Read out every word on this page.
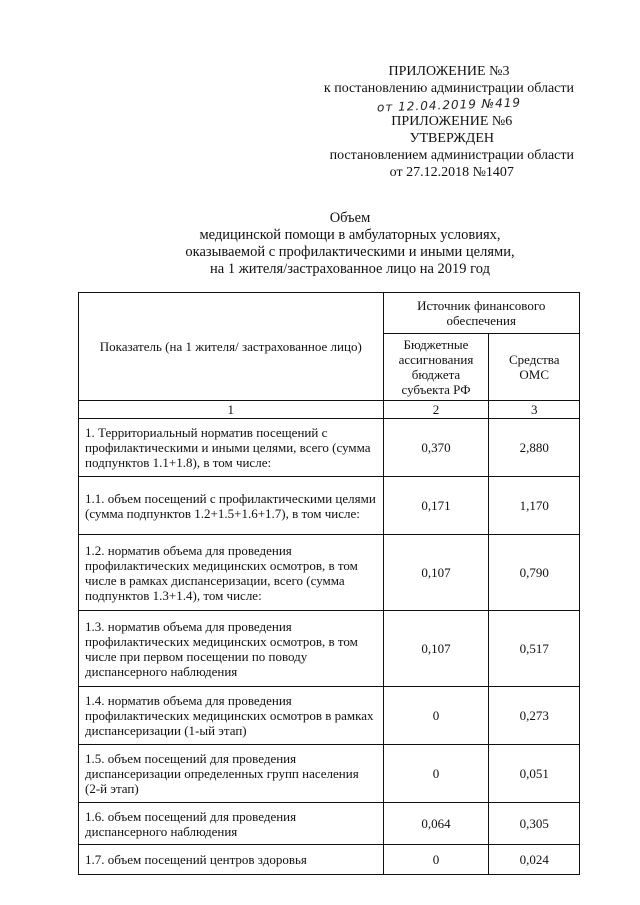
ПРИЛОЖЕНИЕ №3
к постановлению администрации области
от 12.04.2019 №419
ПРИЛОЖЕНИЕ №6
УТВЕРЖДЕН
постановлением администрации области
от 27.12.2018 №1407
Объем
медицинской помощи в амбулаторных условиях,
оказываемой с профилактическими и иными целями,
на 1 жителя/застрахованное лицо на 2019 год
Показатель (на 1 жителя/ застрахованное лицо)	Источник финансового обеспечения	
	Бюджетные ассигнования бюджета субъекта РФ	Средства ОМС
1	2	3
1. Территориальный норматив посещений с профилактическими и иными целями, всего (сумма подпунктов 1.1+1.8), в том числе:	0,370	2,880
1.1. объем посещений с профилактическими целями (сумма подпунктов 1.2+1.5+1.6+1.7), в том числе:	0,171	1,170
1.2. норматив объема для проведения профилактических медицинских осмотров, в том числе в рамках диспансеризации, всего (сумма подпунктов 1.3+1.4), том числе:	0,107	0,790
1.3. норматив объема для проведения профилактических медицинских осмотров, в том числе при первом посещении по поводу диспансерного наблюдения	0,107	0,517
1.4. норматив объема для проведения профилактических медицинских осмотров в рамках диспансеризации (1-ый этап)	0	0,273
1.5. объем посещений для проведения диспансеризации определенных групп населения (2-й этап)	0	0,051
1.6. объем посещений для проведения диспансерного наблюдения	0,064	0,305
1.7. объем посещений центров здоровья	0	0,024
